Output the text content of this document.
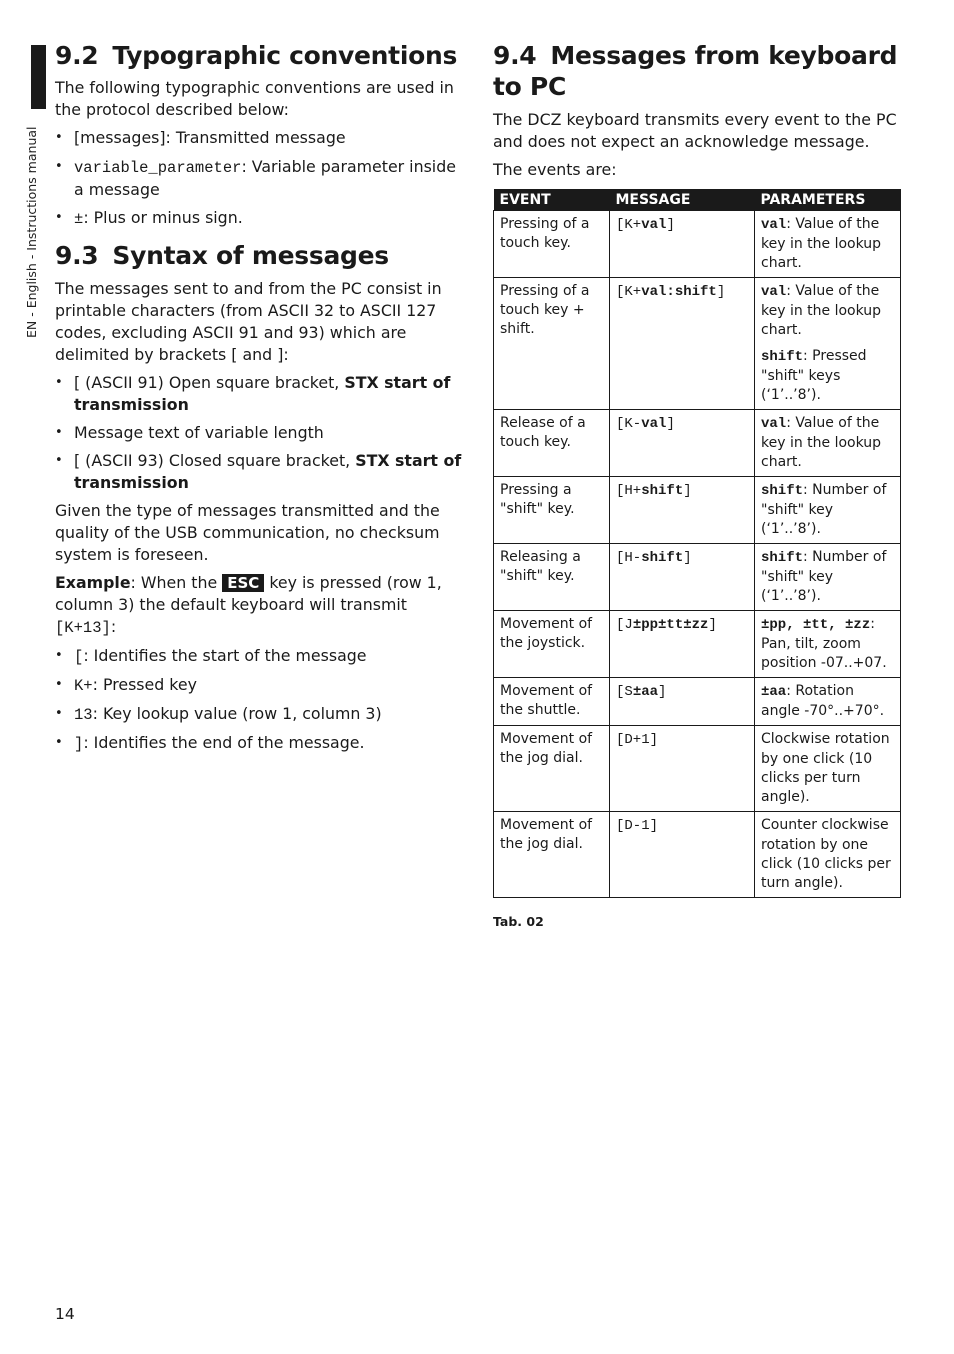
EN - English - Instructions manual
9.2 Typographic conventions

The following typographic conventions are used in the protocol described below:

• [messages]: Transmitted message
• variable_parameter: Variable parameter inside a message
• ±: Plus or minus sign.
9.3 Syntax of messages

The messages sent to and from the PC consist in printable characters (from ASCII 32 to ASCII 127 codes, excluding ASCII 91 and 93) which are delimited by brackets [ and ]:

• [ (ASCII 91) Open square bracket, STX start of transmission
• Message text of variable length
• [ (ASCII 93) Closed square bracket, STX start of transmission

Given the type of messages transmitted and the quality of the USB communication, no checksum system is foreseen.

Example: When the ESC key is pressed (row 1, column 3) the default keyboard will transmit [K+13]:

• [: Identifies the start of the message
• K+: Pressed key
• 13: Key lookup value (row 1, column 3)
• ]: Identifies the end of the message.
9.4 Messages from keyboard to PC

The DCZ keyboard transmits every event to the PC and does not expect an acknowledge message.

The events are:

EVENT	MESSAGE	PARAMETERS
Pressing of a touch key.	[K+val]	val: Value of the key in the lookup chart.

Pressing of a touch key + shift.	[K+val:shift]	val: Value of the key in the lookup chart.
shift: Pressed "shift" keys (‘1’..’8’).

Release of a touch key.	[K-val]	val: Value of the key in the lookup chart.

Pressing a "shift" key.	[H+shift]	shift: Number of "shift" key (‘1’..’8’).

Releasing a "shift" key.	[H-shift]	shift: Number of "shift" key (‘1’..’8’).

Movement of the joystick.	[J±pp±tt±zz]	±pp, ±tt, ±zz: Pan, tilt, zoom position -07..+07.

Movement of the shuttle.	[S±aa]	±aa: Rotation angle -70°..+70°.

Movement of the jog dial.	[D+1]	Clockwise rotation by one click (10 clicks per turn angle).

Movement of the jog dial.	[D-1]	Counter clockwise rotation by one click (10 clicks per turn angle).
Tab. 02
14
